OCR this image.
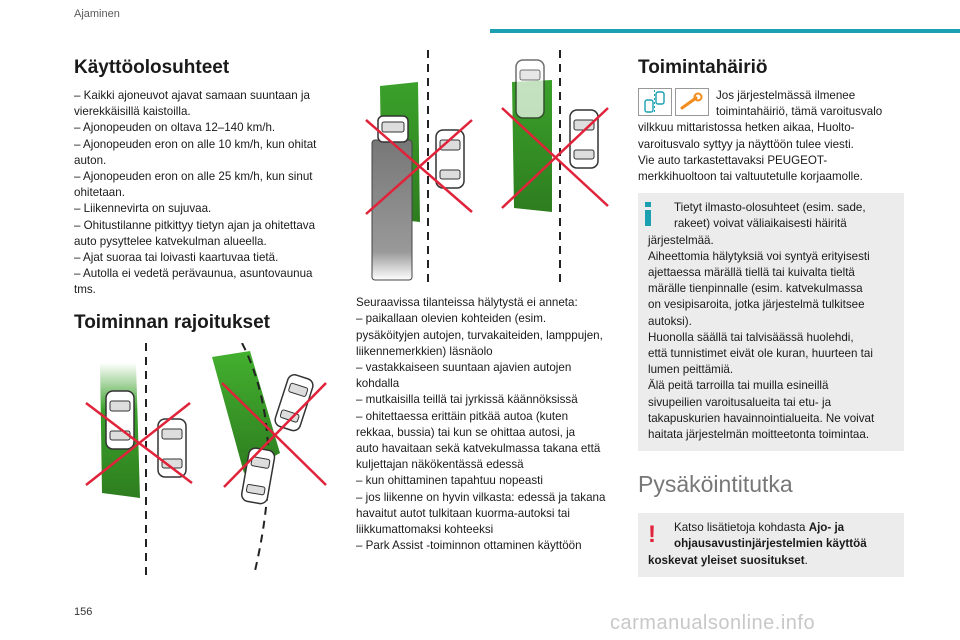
Ajaminen
Käyttöolosuhteet
– Kaikki ajoneuvot ajavat samaan suuntaan ja
vierekkäisillä kaistoilla.
– Ajonopeuden on oltava 12–140 km/h.
– Ajonopeuden eron on alle 10 km/h, kun ohitat
auton.
– Ajonopeuden eron on alle 25 km/h, kun sinut
ohitetaan.
– Liikennevirta on sujuvaa.
– Ohitustilanne pitkittyy tietyn ajan ja ohitettava
auto pysyttelee katvekulman alueella.
– Ajat suoraa tai loivasti kaartuvaa tietä.
– Autolla ei vedetä perävaunua, asuntovaunua
tms.
Toiminnan rajoitukset
Seuraavissa tilanteissa hälytystä ei anneta:
– paikallaan olevien kohteiden (esim.
pysäköityjen autojen, turvakaiteiden, lamppujen,
liikennemerkkien) läsnäolo
– vastakkaiseen suuntaan ajavien autojen
kohdalla
– mutkaisilla teillä tai jyrkissä käännöksissä
– ohitettaessa erittäin pitkää autoa (kuten
rekkaa, bussia) tai kun se ohittaa autosi, ja
auto havaitaan sekä katvekulmassa takana että
kuljettajan näkökentässä edessä
– kun ohittaminen tapahtuu nopeasti
– jos liikenne on hyvin vilkasta: edessä ja takana
havaitut autot tulkitaan kuorma-autoksi tai
liikkumattomaksi kohteeksi
– Park Assist -toiminnon ottaminen käyttöön
Toimintahäiriö
Jos järjestelmässä ilmenee
toimintahäiriö, tämä varoitusvalo
vilkkuu mittaristossa hetken aikaa, Huolto-
varoitusvalo syttyy ja näyttöön tulee viesti.
Vie auto tarkastettavaksi PEUGEOT-
merkkihuoltoon tai valtuutetulle korjaamolle.
Tietyt ilmasto-olosuhteet (esim. sade,
rakeet) voivat väliaikaisesti häiritä
järjestelmää.
Aiheettomia hälytyksiä voi syntyä erityisesti
ajettaessa märällä tiellä tai kuivalta tieltä
märälle tienpinnalle (esim. katvekulmassa
on vesipisaroita, jotka järjestelmä tulkitsee
autoksi).
Huonolla säällä tai talvisäässä huolehdi,
että tunnistimet eivät ole kuran, huurteen tai
lumen peittämiä.
Älä peitä tarroilla tai muilla esineillä
sivupeilien varoitusalueita tai etu- ja
takapuskurien havainnointialueita. Ne voivat
haitata järjestelmän moitteetonta toimintaa.
Pysäköintitutka
!	Katso lisätietoja kohdasta Ajo- ja
ohjausavustinjärjestelmien käyttöä
koskevat yleiset suositukset.
156	carmanualsonline.info
